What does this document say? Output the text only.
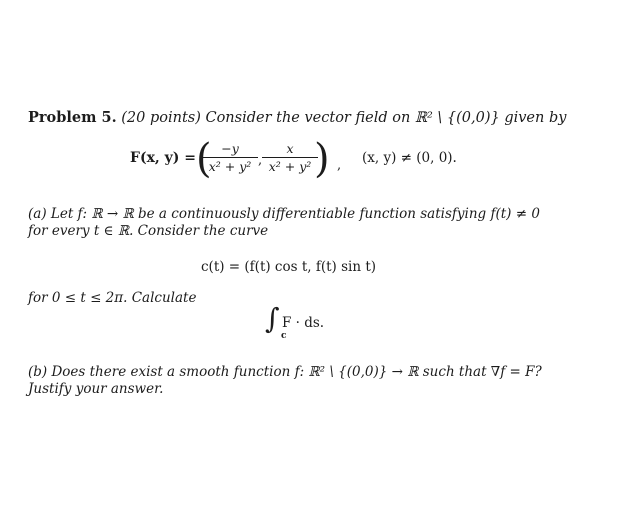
Problem 5. (20 points) Consider the vector field on ℝ² \ {(0,0)} given by
F(x, y) = (	)
$\frac{-y}{\text{x² + y²}}$ , $\frac{x}{\text{x² + y²}}$ , (x, y) ≠ (0, 0).
(a) Let f: ℝ → ℝ be a continuously differentiable function satisfying f(t) ≠ 0
for every t ∈ ℝ. Consider the curve
c(t) = (f(t) cos t, f(t) sin t)
for 0 ≤ t ≤ 2π. Calculate
∫
c
F · ds.
(b) Does there exist a smooth function f: ℝ² \ {(0,0)} → ℝ such that ∇f = F?
Justify your answer.
